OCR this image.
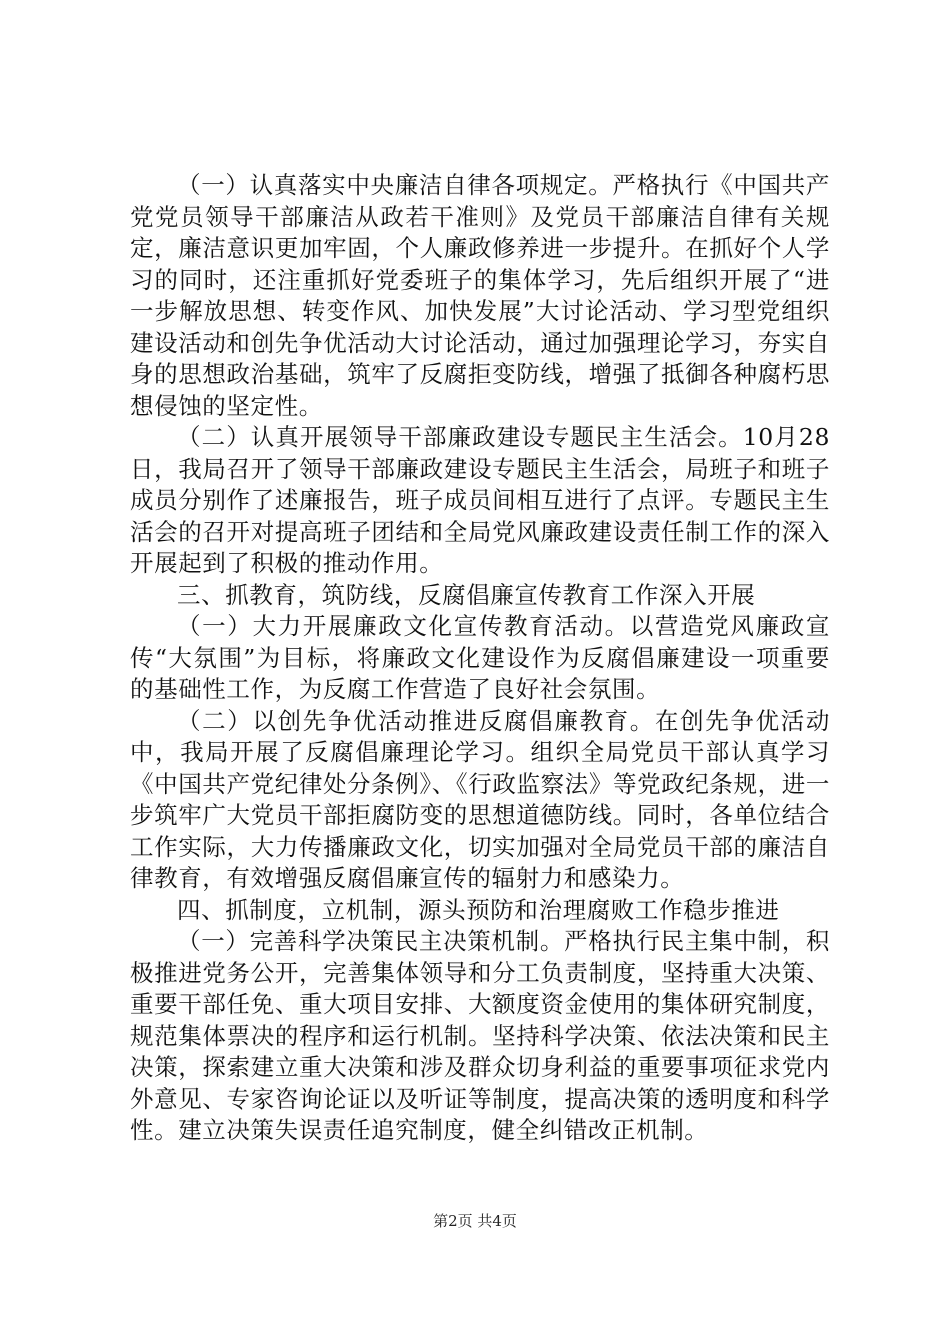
（一）认真落实中央廉洁自律各项规定。严格执行《中国共产党党员领导干部廉洁从政若干准则》及党员干部廉洁自律有关规定，廉洁意识更加牢固，个人廉政修养进一步提升。在抓好个人学习的同时，还注重抓好党委班子的集体学习，先后组织开展了“进一步解放思想、转变作风、加快发展”大讨论活动、学习型党组织建设活动和创先争优活动大讨论活动，通过加强理论学习，夯实自身的思想政治基础，筑牢了反腐拒变防线，增强了抵御各种腐朽思想侵蚀的坚定性。

（二）认真开展领导干部廉政建设专题民主生活会。10月28日，我局召开了领导干部廉政建设专题民主生活会，局班子和班子成员分别作了述廉报告，班子成员间相互进行了点评。专题民主生活会的召开对提高班子团结和全局党风廉政建设责任制工作的深入开展起到了积极的推动作用。

三、抓教育，筑防线，反腐倡廉宣传教育工作深入开展

（一）大力开展廉政文化宣传教育活动。以营造党风廉政宣传“大氛围”为目标，将廉政文化建设作为反腐倡廉建设一项重要的基础性工作，为反腐工作营造了良好社会氛围。

（二）以创先争优活动推进反腐倡廉教育。在创先争优活动中，我局开展了反腐倡廉理论学习。组织全局党员干部认真学习《中国共产党纪律处分条例》、《行政监察法》等党政纪条规，进一步筑牢广大党员干部拒腐防变的思想道德防线。同时，各单位结合工作实际，大力传播廉政文化，切实加强对全局党员干部的廉洁自律教育，有效增强反腐倡廉宣传的辐射力和感染力。

四、抓制度，立机制，源头预防和治理腐败工作稳步推进

（一）完善科学决策民主决策机制。严格执行民主集中制，积极推进党务公开，完善集体领导和分工负责制度，坚持重大决策、重要干部任免、重大项目安排、大额度资金使用的集体研究制度，规范集体票决的程序和运行机制。坚持科学决策、依法决策和民主决策，探索建立重大决策和涉及群众切身利益的重要事项征求党内外意见、专家咨询论证以及听证等制度，提高决策的透明度和科学性。建立决策失误责任追究制度，健全纠错改正机制。

第2页 共4页
